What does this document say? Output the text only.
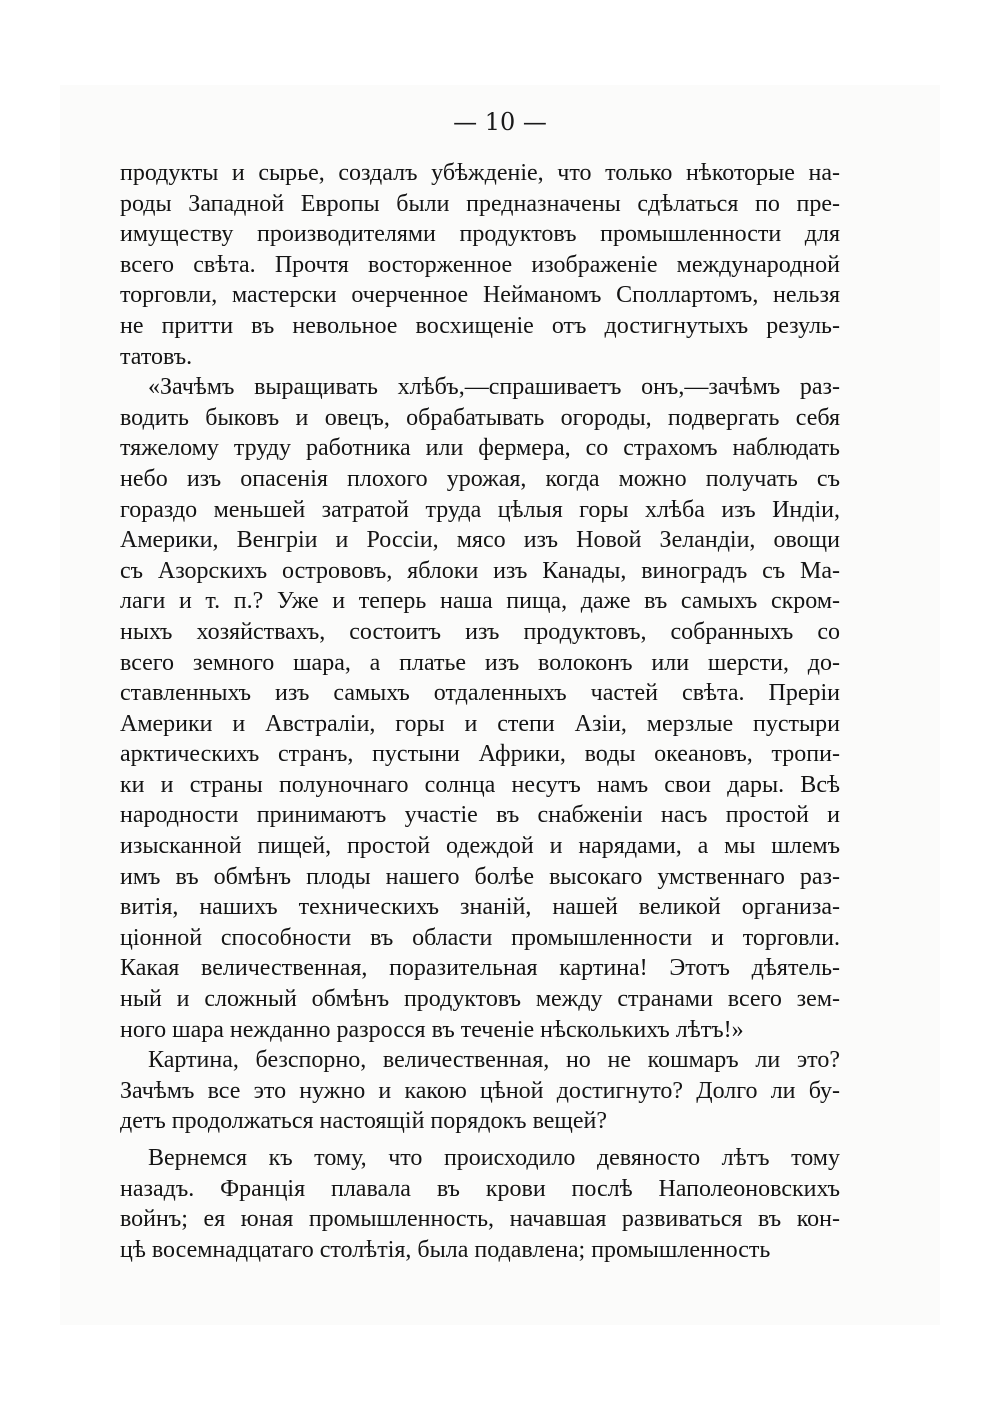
— 10 —
продукты и сырье, создалъ убѣжденіе, что только нѣкоторые на-
роды Западной Европы были предназначены сдѣлаться по пре-
имуществу производителями продуктовъ промышленности для
всего свѣта. Прочтя восторженное изображеніе международной
торговли, мастерски очерченное Нейманомъ Споллартомъ, нельзя
не притти въ невольное восхищеніе отъ достигнутыхъ резуль-
татовъ.
«Зачѣмъ выращивать хлѣбъ,—спрашиваетъ онъ,—зачѣмъ раз-
водить быковъ и овецъ, обрабатывать огороды, подвергать себя
тяжелому труду работника или фермера, со страхомъ наблюдать
небо изъ опасенія плохого урожая, когда можно получать съ
гораздо меньшей затратой труда цѣлыя горы хлѣба изъ Индіи,
Америки, Венгріи и Россіи, мясо изъ Новой Зеландіи, овощи
съ Азорскихъ острововъ, яблоки изъ Канады, виноградъ съ Ма-
лаги и т. п.? Уже и теперь наша пища, даже въ самыхъ скром-
ныхъ хозяйствахъ, состоитъ изъ продуктовъ, собранныхъ со
всего земного шара, а платье изъ волоконъ или шерсти, до-
ставленныхъ изъ самыхъ отдаленныхъ частей свѣта. Преріи
Америки и Австраліи, горы и степи Азіи, мерзлые пустыри
арктическихъ странъ, пустыни Африки, воды океановъ, тропи-
ки и страны полуночнаго солнца несутъ намъ свои дары. Всѣ
народности принимаютъ участіе въ снабженіи насъ простой и
изысканной пищей, простой одеждой и нарядами, а мы шлемъ
имъ въ обмѣнъ плоды нашего болѣе высокаго умственнаго раз-
витія, нашихъ техническихъ знаній, нашей великой организа-
ціонной способности въ области промышленности и торговли.
Какая величественная, поразительная картина! Этотъ дѣятель-
ный и сложный обмѣнъ продуктовъ между странами всего зем-
ного шара нежданно разросся въ теченіе нѣсколькихъ лѣтъ!»
Картина, безспорно, величественная, но не кошмаръ ли это?
Зачѣмъ все это нужно и какою цѣной достигнуто? Долго ли бу-
детъ продолжаться настоящій порядокъ вещей?
Вернемся къ тому, что происходило девяносто лѣтъ тому
назадъ. Франція плавала въ крови послѣ Наполеоновскихъ
войнъ; ея юная промышленность, начавшая развиваться въ кон-
цѣ восемнадцатаго столѣтія, была подавлена; промышленность
